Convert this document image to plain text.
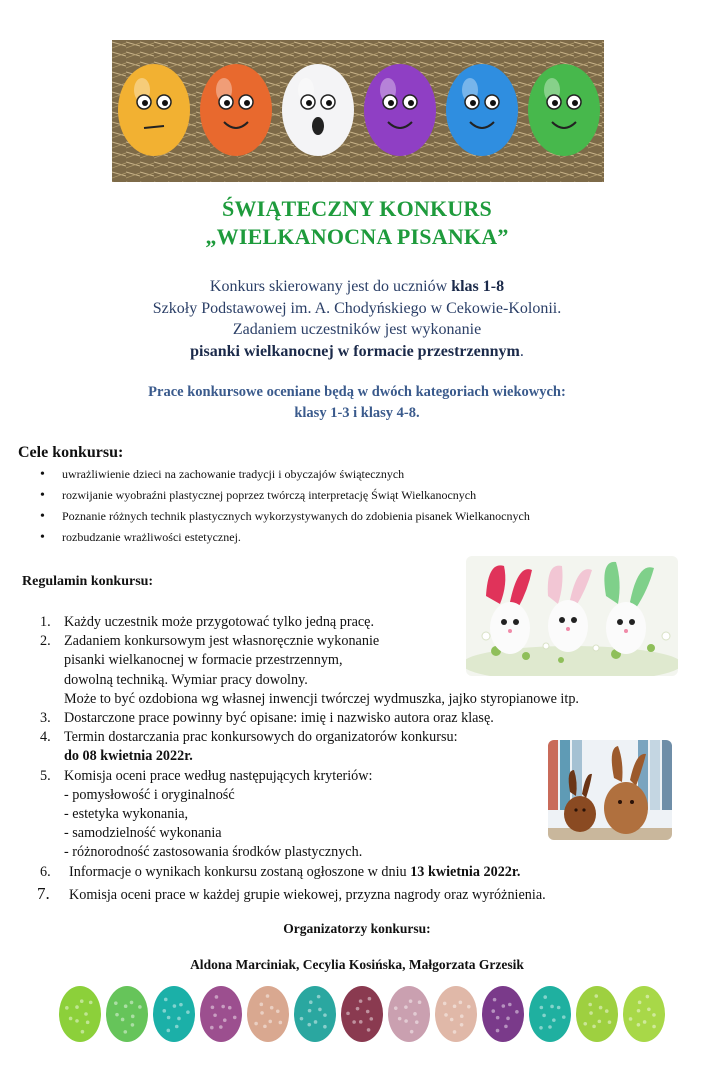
ŚWIĄTECZNY KONKURS
„WIELKANOCNA PISANKA”
Konkurs skierowany jest do uczniów klas 1-8
Szkoły Podstawowej im. A. Chodyńskiego w Cekowie-Kolonii.
Zadaniem uczestników jest wykonanie
pisanki wielkanocnej w formacie przestrzennym.
Prace konkursowe oceniane będą w dwóch kategoriach wiekowych:
klasy 1-3 i klasy 4-8.
Cele konkursu:
• uwrażliwienie dzieci na zachowanie tradycji i obyczajów świątecznych
• rozwijanie wyobraźni plastycznej poprzez twórczą interpretację Świąt Wielkanocnych
• Poznanie różnych technik plastycznych wykorzystywanych do zdobienia pisanek Wielkanocnych
• rozbudzanie wrażliwości estetycznej.
Regulamin konkursu:
1. Każdy uczestnik może przygotować tylko jedną pracę.
2. Zadaniem konkursowym jest własnoręcznie wykonanie
pisanki wielkanocnej w formacie przestrzennym,
dowolną techniką. Wymiar pracy dowolny.
Może to być ozdobiona wg własnej inwencji twórczej wydmuszka, jajko styropianowe itp.
3. Dostarczone prace powinny być opisane: imię i nazwisko autora oraz klasę.
4. Termin dostarczania prac konkursowych do organizatorów konkursu:
do 08 kwietnia 2022r.
5. Komisja oceni prace według następujących kryteriów:
- pomysłowość i oryginalność
- estetyka wykonania,
- samodzielność wykonania
- różnorodność zastosowania środków plastycznych.
6. Informacje o wynikach konkursu zostaną ogłoszone w dniu 13 kwietnia 2022r.
7. Komisja oceni prace w każdej grupie wiekowej, przyzna nagrody oraz wyróżnienia.
Organizatorzy konkursu:
Aldona Marciniak, Cecylia Kosińska, Małgorzata Grzesik
